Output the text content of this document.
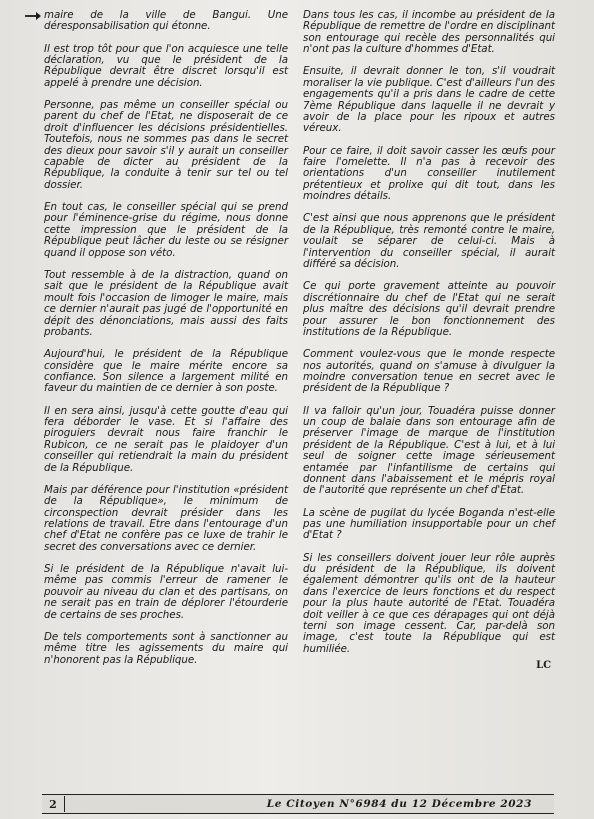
maire de la ville de Bangui. Une déresponsabilisation qui étonne.

Il est trop tôt pour que l'on acquiesce une telle déclaration, vu que le président de la République devrait être discret lorsqu'il est appelé à prendre une décision.

Personne, pas même un conseiller spécial ou parent du chef de l'Etat, ne disposerait de ce droit d'influencer les décisions présidentielles. Toutefois, nous ne sommes pas dans le secret des dieux pour savoir s'il y aurait un conseiller capable de dicter au président de la République, la conduite à tenir sur tel ou tel dossier.

En tout cas, le conseiller spécial qui se prend pour l'éminence-grise du régime, nous donne cette impression que le président de la République peut lâcher du leste ou se résigner quand il oppose son véto.

Tout ressemble à de la distraction, quand on sait que le président de la République avait moult fois l'occasion de limoger le maire, mais ce dernier n'aurait pas jugé de l'opportunité en dépit des dénonciations, mais aussi des faits probants.

Aujourd'hui, le président de la République considère que le maire mérite encore sa confiance. Son silence a largement milité en faveur du maintien de ce dernier à son poste.

Il en sera ainsi, jusqu'à cette goutte d'eau qui fera déborder le vase. Et si l'affaire des piroguiers devrait nous faire franchir le Rubicon, ce ne serait pas le plaidoyer d'un conseiller qui retiendrait la main du président de la République.

Mais par déférence pour l'institution «président de la République», le minimum de circonspection devrait présider dans les relations de travail. Etre dans l'entourage d'un chef d'Etat ne confère pas ce luxe de trahir le secret des conversations avec ce dernier.

Si le président de la République n'avait lui-même pas commis l'erreur de ramener le pouvoir au niveau du clan et des partisans, on ne serait pas en train de déplorer l'étourderie de certains de ses proches.

De tels comportements sont à sanctionner au même titre les agissements du maire qui n'honorent pas la République.

Dans tous les cas, il incombe au président de la République de remettre de l'ordre en disciplinant son entourage qui recèle des personnalités qui n'ont pas la culture d'hommes d'Etat.

Ensuite, il devrait donner le ton, s'il voudrait moraliser la vie publique. C'est d'ailleurs l'un des engagements qu'il a pris dans le cadre de cette 7ème République dans laquelle il ne devrait y avoir de la place pour les ripoux et autres véreux.

Pour ce faire, il doit savoir casser les œufs pour faire l'omelette. Il n'a pas à recevoir des orientations d'un conseiller inutilement prétentieux et prolixe qui dit tout, dans les moindres détails.

C'est ainsi que nous apprenons que le président de la République, très remonté contre le maire, voulait se séparer de celui-ci. Mais à l'intervention du conseiller spécial, il aurait différé sa décision.

Ce qui porte gravement atteinte au pouvoir discrétionnaire du chef de l'Etat qui ne serait plus maître des décisions qu'il devrait prendre pour assurer le bon fonctionnement des institutions de la République.

Comment voulez-vous que le monde respecte nos autorités, quand on s'amuse à divulguer la moindre conversation tenue en secret avec le président de la République ?

Il va falloir qu'un jour, Touadéra puisse donner un coup de balaie dans son entourage afin de préserver l'image de marque de l'institution président de la République. C'est à lui, et à lui seul de soigner cette image sérieusement entamée par l'infantilisme de certains qui donnent dans l'abaissement et le mépris royal de l'autorité que représente un chef d'Etat.

La scène de pugilat du lycée Boganda n'est-elle pas une humiliation insupportable pour un chef d'Etat ?

Si les conseillers doivent jouer leur rôle auprès du président de la République, ils doivent également démontrer qu'ils ont de la hauteur dans l'exercice de leurs fonctions et du respect pour la plus haute autorité de l'Etat. Touadéra doit veiller à ce que ces dérapages qui ont déjà terni son image cessent. Car, par-delà son image, c'est toute la République qui est humiliée.

LC
2	Le Citoyen N°6984 du 12 Décembre 2023
